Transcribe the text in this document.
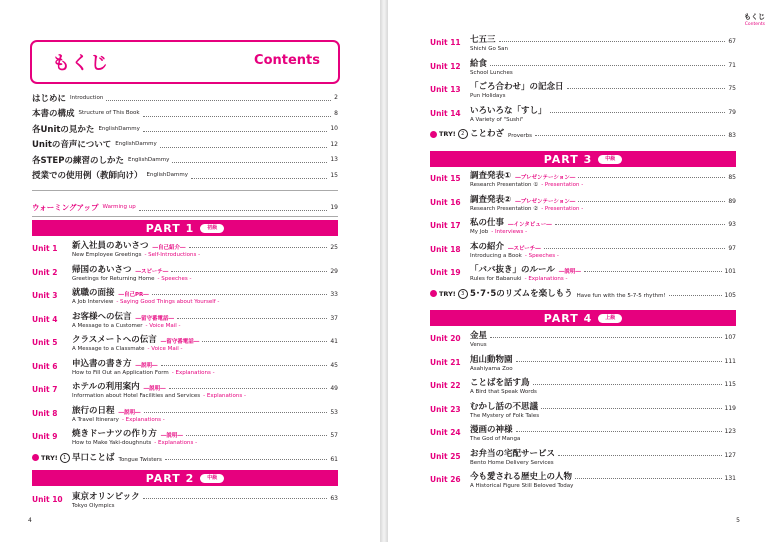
もくじ	Contents
はじめに Introduction	2
本書の構成 Structure of This Book	8
各Unitの見かた EnglishDammy	10
Unitの音声について EnglishDammy	12
各STEPの練習のしかた EnglishDammy	13
授業での使用例（教師向け） EnglishDammy	15
ウォーミングアップ Warming up	19
PART 1	初級
Unit 1	新入社員のあいさつ ―自己紹介―	25
New Employee Greetings - Self-Introductions -
Unit 2	帰国のあいさつ ―スピーチ―	29
Greetings for Returning Home - Speeches -
Unit 3	就職の面接 ―自己PR―	33
A Job Interview - Saying Good Things about Yourself -
Unit 4	お客様への伝言 ―留守番電話―	37
A Message to a Customer - Voice Mail -
Unit 5	クラスメートへの伝言 ―留守番電話―	41
A Message to a Classmate - Voice Mail -
Unit 6	申込書の書き方 ―説明―	45
How to Fill Out an Application Form - Explanations -
Unit 7	ホテルの利用案内 ―説明―	49
Information about Hotel Facilities and Services - Explanations -
Unit 8	旅行の日程 ―説明―	53
A Travel Itinerary - Explanations -
Unit 9	焼きドーナツの作り方 ―説明―	57
How to Make Yaki-doughnuts - Explanations -
TRY!	1 早口ことば Tongue Twisters	61
PART 2	中級
Unit 10	東京オリンピック	63
Tokyo Olympics
4
もくじ
Contents
Unit 11	七五三	67
Shichi Go San
Unit 12	給食	71
School Lunches
Unit 13	「ごろ合わせ」の記念日	75
Pun Holidays
Unit 14	いろいろな「すし」	79
A Variety of "Sushi"
TRY!	2 ことわざ Proverbs	83
PART 3	中級
Unit 15	調査発表① ―プレゼンテーション―	85
Research Presentation ① - Presentation -
Unit 16	調査発表② ―プレゼンテーション―	89
Research Presentation ② - Presentation -
Unit 17	私の仕事 ―インタビュー―	93
My Job - Interviews -
Unit 18	本の紹介 ―スピーチ―	97
Introducing a Book - Speeches -
Unit 19	「ババ抜き」のルール ―説明―	101
Rules for Babanuki - Explanations -
TRY!	3 5･7･5のリズムを楽しもう Have fun with the 5-7-5 rhythm!	105
PART 4	上級
Unit 20	金星	107
Venus
Unit 21	旭山動物園	111
Asahiyama Zoo
Unit 22	ことばを話す鳥	115
A Bird that Speak Words
Unit 23	むかし話の不思議	119
The Mystery of Folk Tales
Unit 24	漫画の神様	123
The God of Manga
Unit 25	お弁当の宅配サービス	127
Bento Home Delivery Services
Unit 26	今も愛される歴史上の人物	131
A Historical Figure Still Beloved Today
5
